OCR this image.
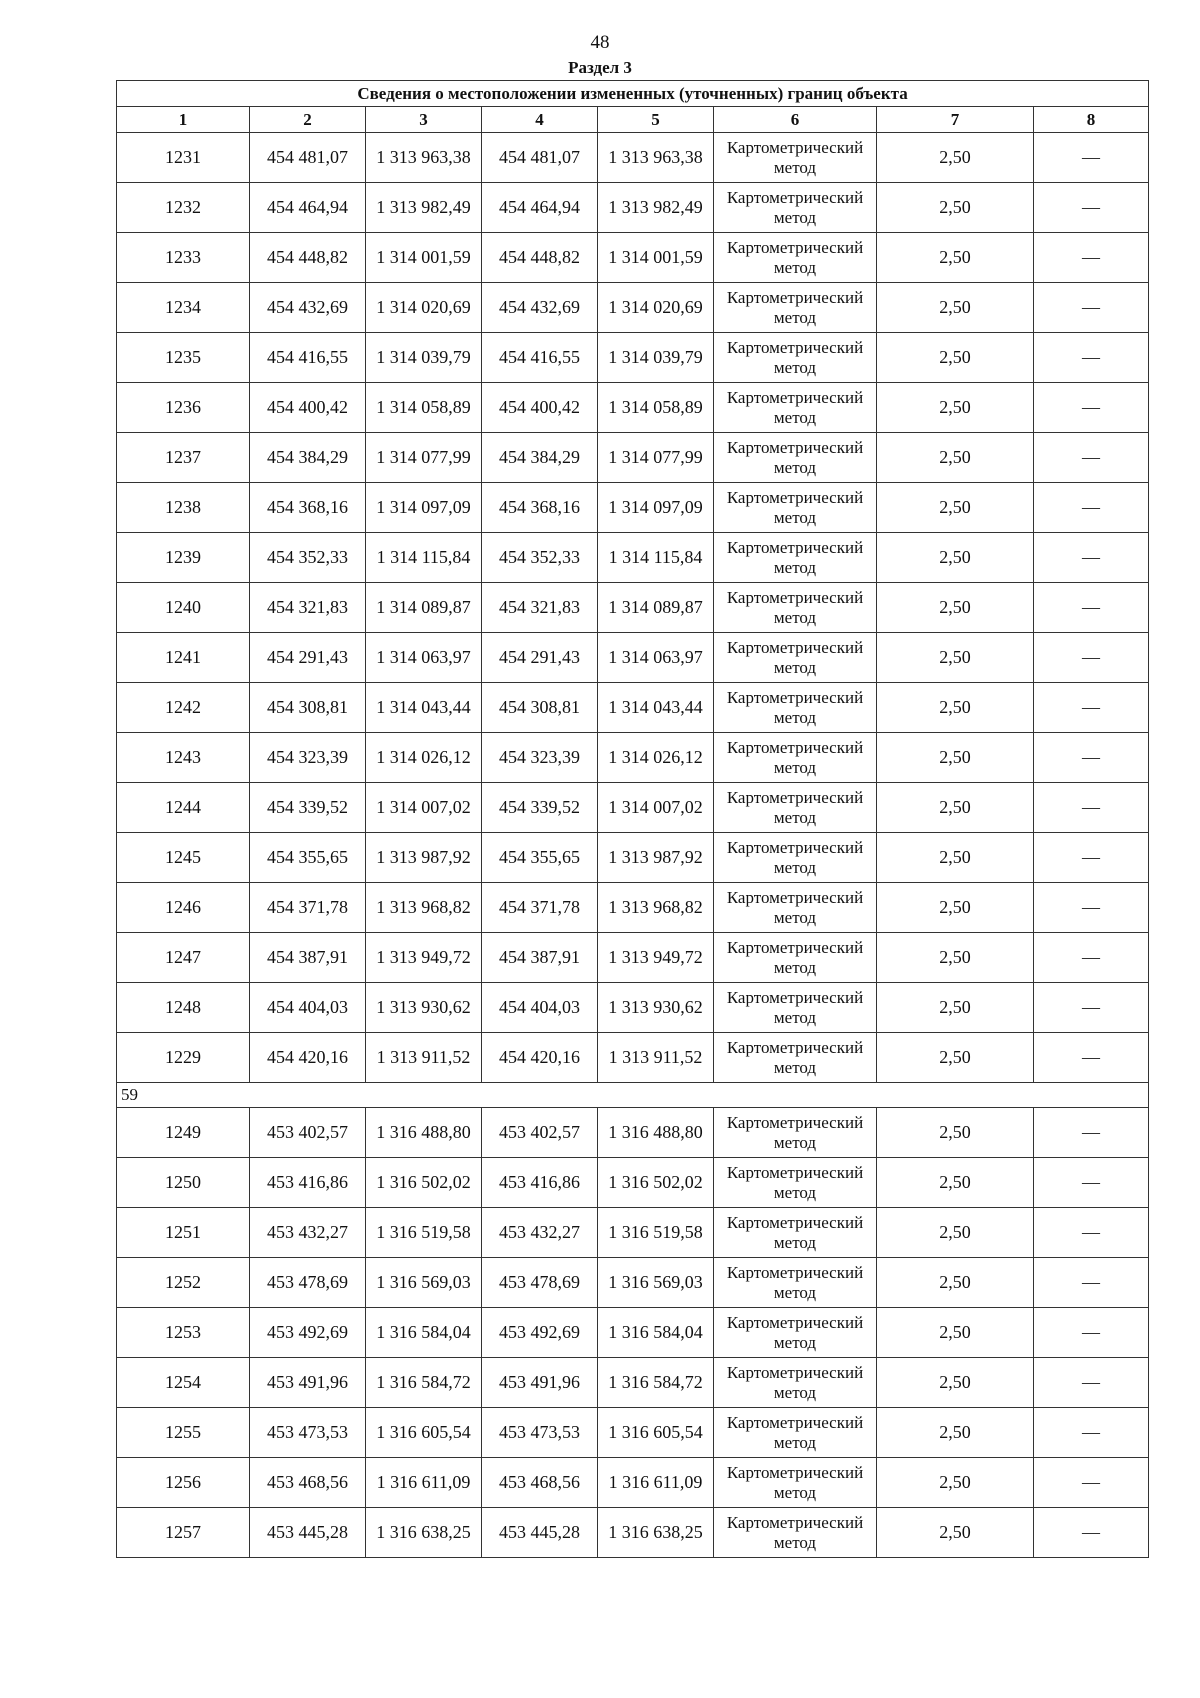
48
Раздел 3
Сведения о местоположении измененных (уточненных) границ объекта							
1	2	3	4	5	6	7	8
1231	454 481,07	1 313 963,38	454 481,07	1 313 963,38	Картометрический метод	2,50	—
1232	454 464,94	1 313 982,49	454 464,94	1 313 982,49	Картометрический метод	2,50	—
1233	454 448,82	1 314 001,59	454 448,82	1 314 001,59	Картометрический метод	2,50	—
1234	454 432,69	1 314 020,69	454 432,69	1 314 020,69	Картометрический метод	2,50	—
1235	454 416,55	1 314 039,79	454 416,55	1 314 039,79	Картометрический метод	2,50	—
1236	454 400,42	1 314 058,89	454 400,42	1 314 058,89	Картометрический метод	2,50	—
1237	454 384,29	1 314 077,99	454 384,29	1 314 077,99	Картометрический метод	2,50	—
1238	454 368,16	1 314 097,09	454 368,16	1 314 097,09	Картометрический метод	2,50	—
1239	454 352,33	1 314 115,84	454 352,33	1 314 115,84	Картометрический метод	2,50	—
1240	454 321,83	1 314 089,87	454 321,83	1 314 089,87	Картометрический метод	2,50	—
1241	454 291,43	1 314 063,97	454 291,43	1 314 063,97	Картометрический метод	2,50	—
1242	454 308,81	1 314 043,44	454 308,81	1 314 043,44	Картометрический метод	2,50	—
1243	454 323,39	1 314 026,12	454 323,39	1 314 026,12	Картометрический метод	2,50	—
1244	454 339,52	1 314 007,02	454 339,52	1 314 007,02	Картометрический метод	2,50	—
1245	454 355,65	1 313 987,92	454 355,65	1 313 987,92	Картометрический метод	2,50	—
1246	454 371,78	1 313 968,82	454 371,78	1 313 968,82	Картометрический метод	2,50	—
1247	454 387,91	1 313 949,72	454 387,91	1 313 949,72	Картометрический метод	2,50	—
1248	454 404,03	1 313 930,62	454 404,03	1 313 930,62	Картометрический метод	2,50	—
1229	454 420,16	1 313 911,52	454 420,16	1 313 911,52	Картометрический метод	2,50	—
59							
1249	453 402,57	1 316 488,80	453 402,57	1 316 488,80	Картометрический метод	2,50	—
1250	453 416,86	1 316 502,02	453 416,86	1 316 502,02	Картометрический метод	2,50	—
1251	453 432,27	1 316 519,58	453 432,27	1 316 519,58	Картометрический метод	2,50	—
1252	453 478,69	1 316 569,03	453 478,69	1 316 569,03	Картометрический метод	2,50	—
1253	453 492,69	1 316 584,04	453 492,69	1 316 584,04	Картометрический метод	2,50	—
1254	453 491,96	1 316 584,72	453 491,96	1 316 584,72	Картометрический метод	2,50	—
1255	453 473,53	1 316 605,54	453 473,53	1 316 605,54	Картометрический метод	2,50	—
1256	453 468,56	1 316 611,09	453 468,56	1 316 611,09	Картометрический метод	2,50	—
1257	453 445,28	1 316 638,25	453 445,28	1 316 638,25	Картометрический метод	2,50	—
